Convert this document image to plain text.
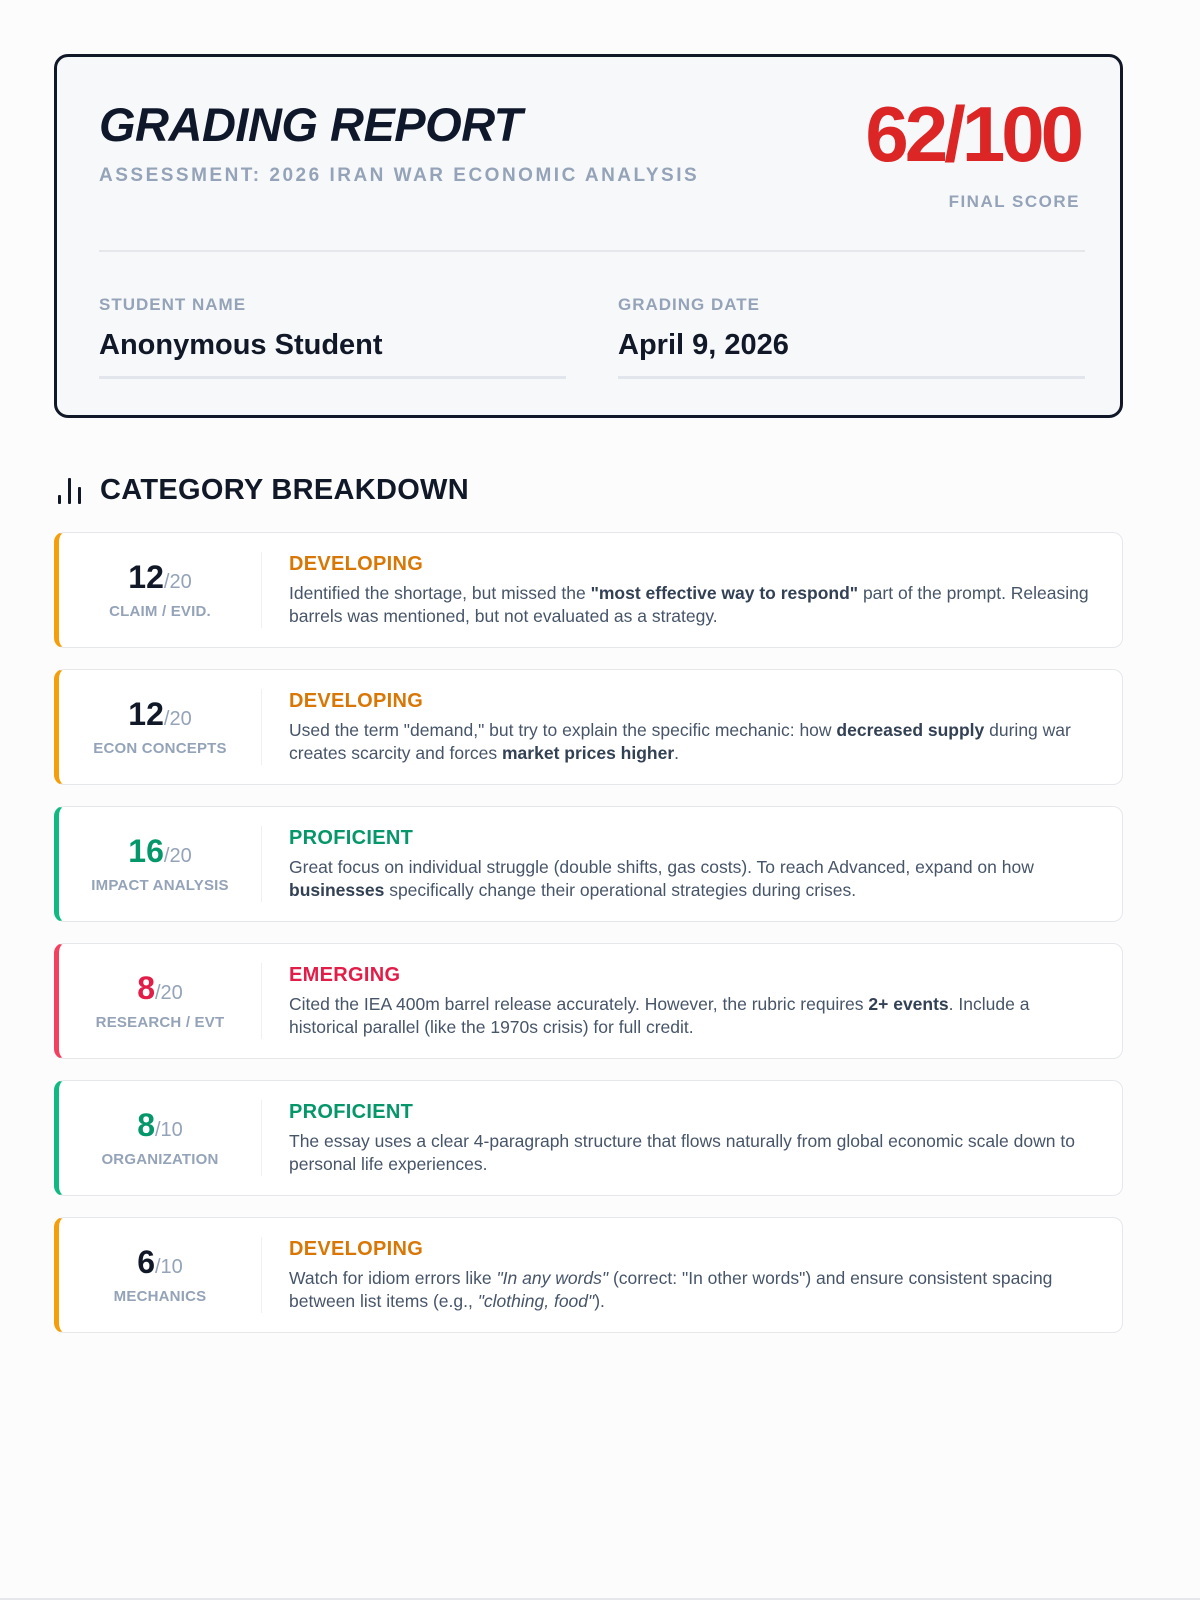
GRADING REPORT
ASSESSMENT: 2026 IRAN WAR ECONOMIC ANALYSIS 62/100
FINAL SCORE
STUDENT NAME
Anonymous Student
GRADING DATE
April 9, 2026
CATEGORY BREAKDOWN
12/20
CLAIM / EVID.
DEVELOPING
Identified the shortage, but missed the "most effective way to respond" part of the prompt. Releasing barrels was mentioned, but not evaluated as a strategy.
12/20
ECON CONCEPTS
DEVELOPING
Used the term "demand," but try to explain the specific mechanic: how decreased supply during war creates scarcity and forces market prices higher.
16/20
IMPACT ANALYSIS
PROFICIENT
Great focus on individual struggle (double shifts, gas costs). To reach Advanced, expand on how businesses specifically change their operational strategies during crises.
8/20
RESEARCH / EVT
EMERGING
Cited the IEA 400m barrel release accurately. However, the rubric requires 2+ events. Include a historical parallel (like the 1970s crisis) for full credit.
8/10
ORGANIZATION
PROFICIENT
The essay uses a clear 4-paragraph structure that flows naturally from global economic scale down to personal life experiences.
6/10
MECHANICS
DEVELOPING
Watch for idiom errors like "In any words" (correct: "In other words") and ensure consistent spacing between list items (e.g., "clothing, food").
